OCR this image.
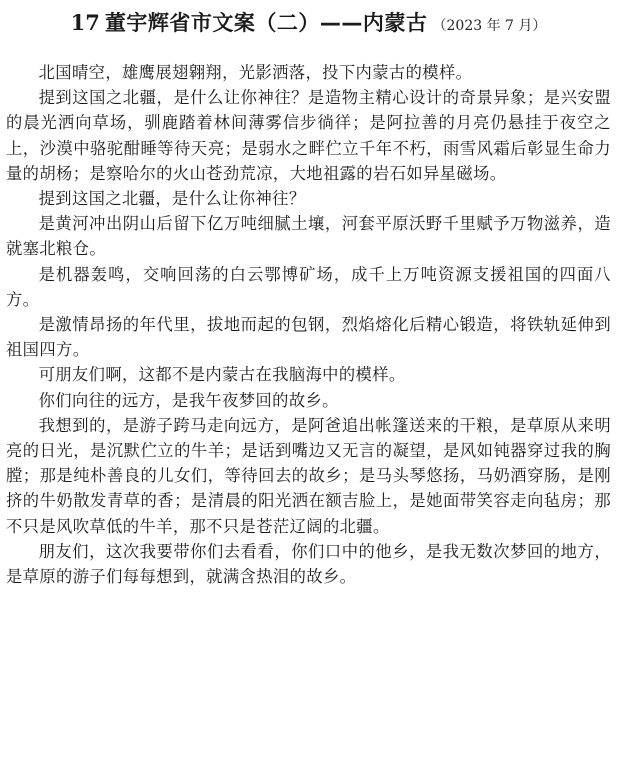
17 董宇辉省市文案（二）——内蒙古 （2023 年 7 月）

北国晴空，雄鹰展翅翱翔，光影洒落，投下内蒙古的模样。

提到这国之北疆，是什么让你神往？是造物主精心设计的奇景异象；是兴安盟的晨光洒向草场，驯鹿踏着林间薄雾信步徜徉；是阿拉善的月亮仍悬挂于夜空之上，沙漠中骆驼酣睡等待天亮；是弱水之畔伫立千年不朽，雨雪风霜后彰显生命力量的胡杨；是察哈尔的火山苍劲荒凉，大地祖露的岩石如异星磁场。

提到这国之北疆，是什么让你神往？

是黄河冲出阴山后留下亿万吨细腻土壤，河套平原沃野千里赋予万物滋养，造就塞北粮仓。

是机器轰鸣，交响回荡的白云鄂博矿场，成千上万吨资源支援祖国的四面八方。

是激情昂扬的年代里，拔地而起的包钢，烈焰熔化后精心锻造，将铁轨延伸到祖国四方。

可朋友们啊，这都不是内蒙古在我脑海中的模样。

你们向往的远方，是我午夜梦回的故乡。

我想到的，是游子跨马走向远方，是阿爸追出帐篷送来的干粮，是草原从来明亮的日光，是沉默伫立的牛羊；是话到嘴边又无言的凝望，是风如钝器穿过我的胸膛；那是纯朴善良的儿女们，等待回去的故乡；是马头琴悠扬，马奶酒穿肠，是刚挤的牛奶散发青草的香；是清晨的阳光洒在额吉脸上，是她面带笑容走向毡房；那不只是风吹草低的牛羊，那不只是苍茫辽阔的北疆。

朋友们，这次我要带你们去看看，你们口中的他乡，是我无数次梦回的地方，是草原的游子们每每想到，就满含热泪的故乡。
